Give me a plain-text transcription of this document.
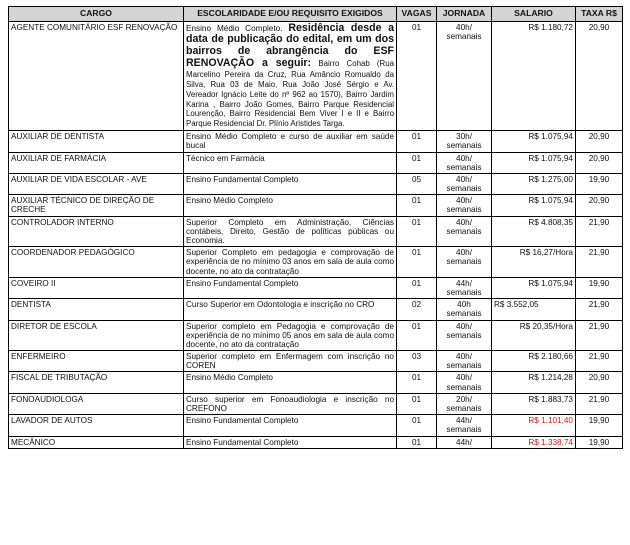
CARGO	ESCOLARIDADE E/OU REQUISITO EXIGIDOS	VAGAS	JORNADA	SALARIO	TAXA R$
AGENTE COMUNITÁRIO ESF RENOVAÇÃO	Ensino Médio Completo. Residência desde a data de publicação do edital, em um dos bairros de abrangência do ESF RENOVAÇÃO a seguir: Bairro Cohab (Rua Marcelino Pereira da Cruz, Rua Amâncio Romualdo da Silva, Rua 03 de Maio, Rua João José Sérgio e Av. Vereador Ignácio Leite do nº 962 ao 1570), Bairro Jardim Karina , Bairro João Gomes, Bairro Parque Residencial Lourenção, Bairro Residencial Bem Viver I e II e Bairro Parque Residencial Dr. Plínio Aristides Targa.	01	40h/ semanais	R$ 1.180,72	20,90
AUXILIAR DE DENTISTA	Ensino Médio Completo e curso de auxiliar em saúde bucal	01	30h/ semanais	R$ 1.075,94	20,90
AUXILIAR DE FARMÁCIA	Técnico em Farmácia	01	40h/ semanais	R$ 1.075,94	20,90
AUXILIAR DE VIDA ESCOLAR - AVE	Ensino Fundamental Completo	05	40h/ semanais	R$ 1.275,00	19,90
AUXILIAR TÉCNICO DE DIREÇÃO DE CRECHE	Ensino Médio Completo	01	40h/ semanais	R$ 1.075,94	20,90
CONTROLADOR INTERNO	Superior Completo em Administração, Ciências contábeis, Direito, Gestão de políticas públicas ou Economia.	01	40h/ semanais	R$ 4.808,35	21,90
COORDENADOR PEDAGÓGICO	Superior Completo em pedagogia e comprovação de experiência de no mínimo 03 anos em sala de aula como docente, no ato da contratação	01	40h/ semanais	R$ 16,27/Hora	21,90
COVEIRO II	Ensino Fundamental Completo	01	44h/ semanais	R$ 1.075,94	19,90
DENTISTA	Curso Superior em Odontologia e inscrição no CRO	02	40h semanais	R$ 3.552,05	21,90
DIRETOR DE ESCOLA	Superior completo em Pedagogia e comprovação de experiência de no mínimo 05 anos em sala de aula como docente, no ato da contratação	01	40h/ semanais	R$ 20,35/Hora	21,90
ENFERMEIRO	Superior completo em Enfermagem com inscrição no COREN	03	40h/ semanais	R$ 2.180,66	21,90
FISCAL DE TRIBUTAÇÃO	Ensino Médio Completo	01	40h/ semanais	R$ 1.214,28	20,90
FONOAUDIOLOGA	Curso superior em Fonoaudiologia e inscrição no CREFONO	01	20h/ semanais	R$ 1.883,73	21,90
LAVADOR DE AUTOS	Ensino Fundamental Completo	01	44h/ semanais	R$ 1.101,40	19,90
MECÂNICO	Ensino Fundamental Completo	01	44h/	R$ 1.338,74	19,90
